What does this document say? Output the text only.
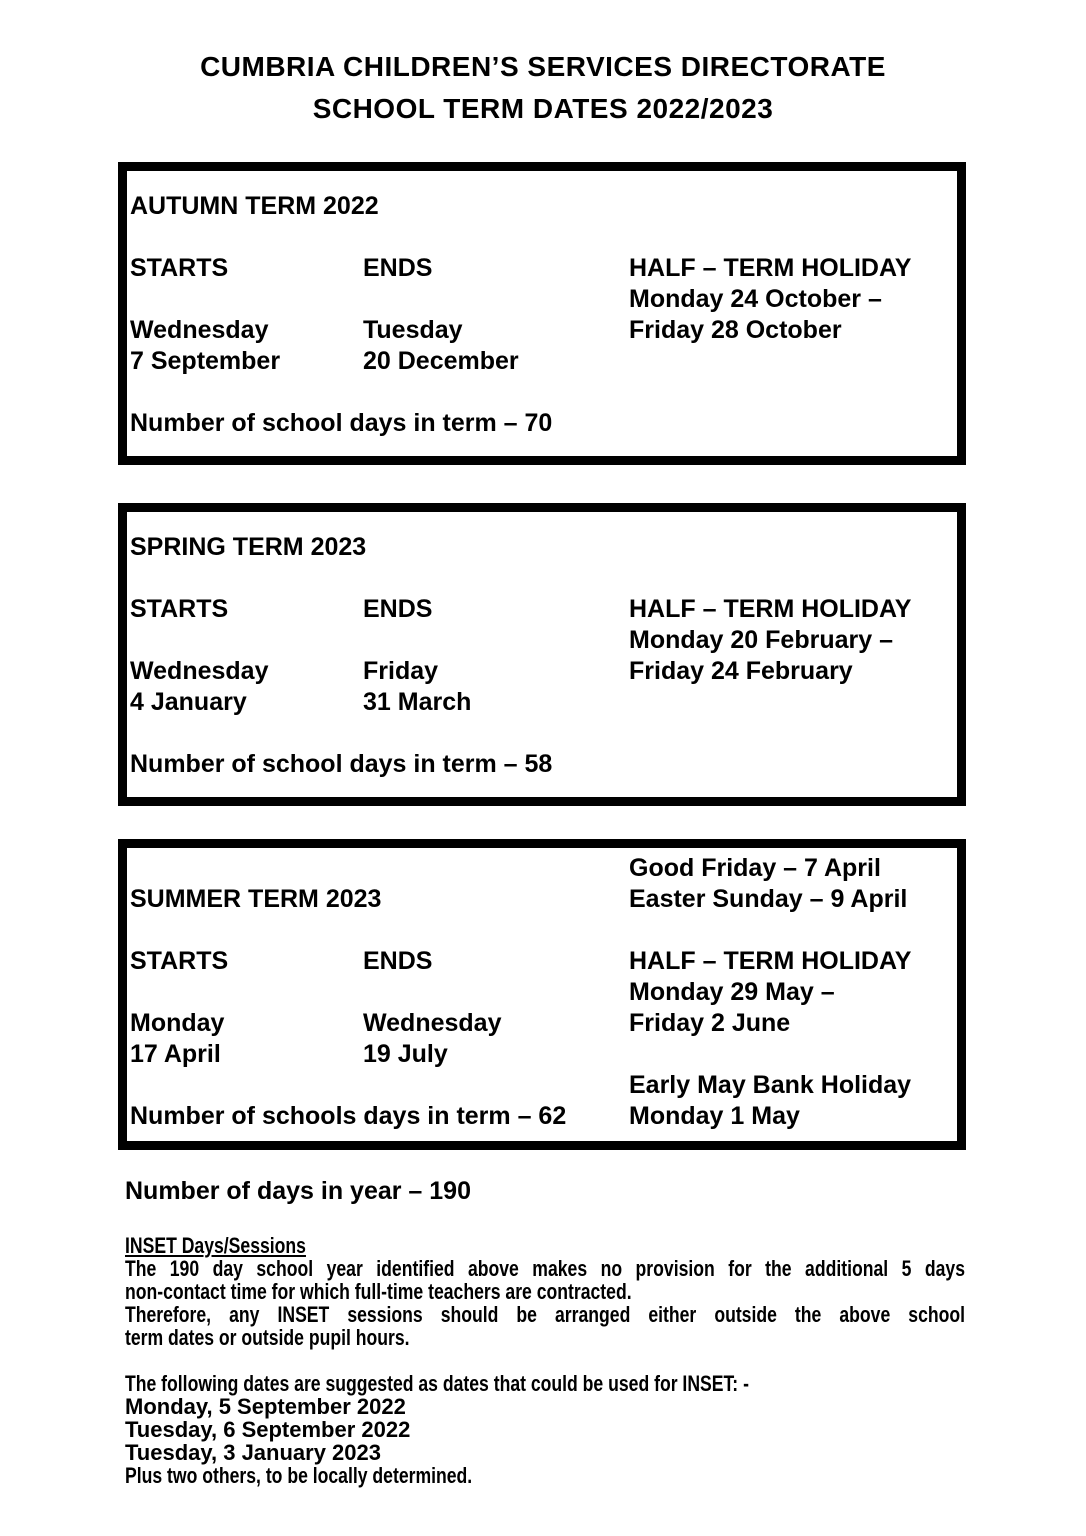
CUMBRIA CHILDREN’S SERVICES DIRECTORATE
SCHOOL TERM DATES 2022/2023
AUTUMN TERM 2022
STARTS	ENDS	HALF – TERM HOLIDAY
Monday 24 October –
Wednesday	Tuesday	Friday 28 October
7 September	20 December
Number of school days in term – 70
SPRING TERM 2023
STARTS	ENDS	HALF – TERM HOLIDAY
Monday 20 February –
Wednesday	Friday	Friday 24 February
4 January	31 March
Number of school days in term – 58
Good Friday – 7 April
SUMMER TERM 2023	Easter Sunday – 9 April
STARTS	ENDS	HALF – TERM HOLIDAY
Monday 29 May –
Monday	Wednesday	Friday 2 June
17 April	19 July
Early May Bank Holiday
Number of schools days in term – 62	Monday 1 May
Number of days in year – 190
INSET Days/Sessions
The 190 day school year identified above makes no provision for the additional 5 days
non-contact time for which full-time teachers are contracted.
Therefore, any INSET sessions should be arranged either outside the above school
term dates or outside pupil hours.
The following dates are suggested as dates that could be used for INSET: -
Monday, 5 September 2022
Tuesday, 6 September 2022
Tuesday, 3 January 2023
Plus two others, to be locally determined.
